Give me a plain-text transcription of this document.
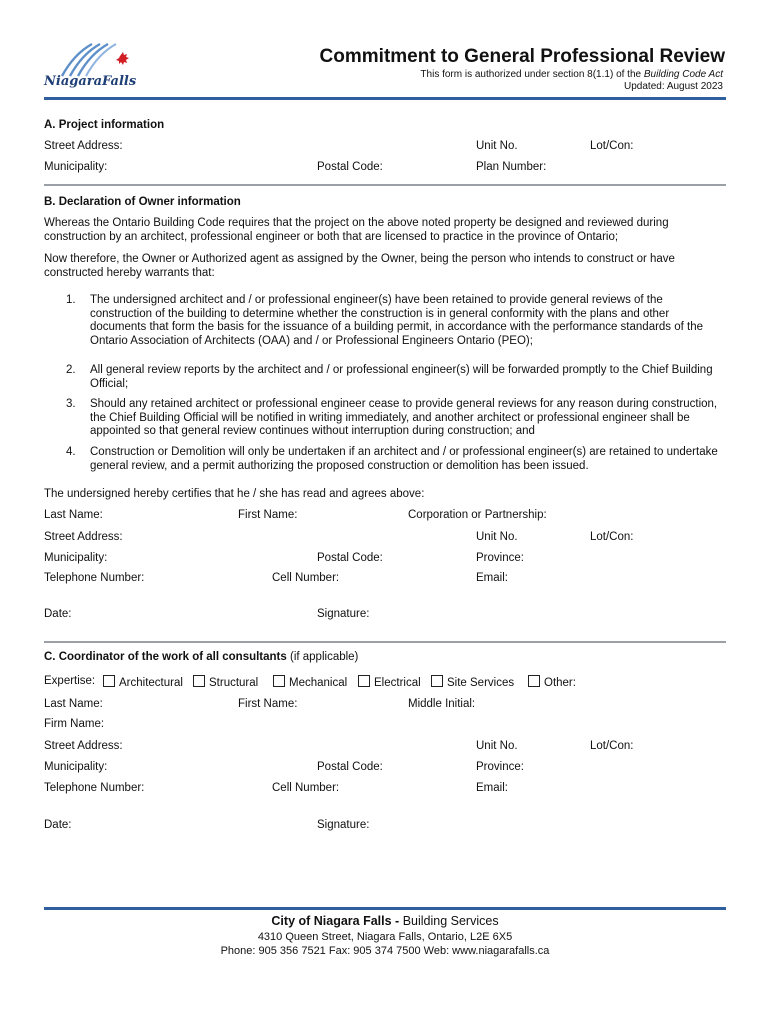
NiagaraFalls
Commitment to General Professional Review
This form is authorized under section 8(1.1) of the Building Code Act
Updated: August 2023
A. Project information
Street Address:	Unit No.	Lot/Con:
Municipality:	Postal Code:	Plan Number:
B. Declaration of Owner information
Whereas the Ontario Building Code requires that the project on the above noted property be designed and reviewed during construction by an architect, professional engineer or both that are licensed to practice in the province of Ontario;
Now therefore, the Owner or Authorized agent as assigned by the Owner, being the person who intends to construct or have constructed hereby warrants that:
1. The undersigned architect and / or professional engineer(s) have been retained to provide general reviews of the construction of the building to determine whether the construction is in general conformity with the plans and other documents that form the basis for the issuance of a building permit, in accordance with the performance standards of the Ontario Association of Architects (OAA) and / or Professional Engineers Ontario (PEO);
2. All general review reports by the architect and / or professional engineer(s) will be forwarded promptly to the Chief Building Official;
3. Should any retained architect or professional engineer cease to provide general reviews for any reason during construction, the Chief Building Official will be notified in writing immediately, and another architect or professional engineer shall be appointed so that general review continues without interruption during construction; and
4. Construction or Demolition will only be undertaken if an architect and / or professional engineer(s) are retained to undertake general review, and a permit authorizing the proposed construction or demolition has been issued.
The undersigned hereby certifies that he / she has read and agrees above:
Last Name:	First Name:	Corporation or Partnership:
Street Address:	Unit No.	Lot/Con:
Municipality:	Postal Code:	Province:
Telephone Number:	Cell Number:	Email:
Date:	Signature:
C. Coordinator of the work of all consultants (if applicable)
Expertise:	Architectural	Structural	Mechanical	Electrical	Site Services	Other:
Last Name:	First Name:	Middle Initial:
Firm Name:
Street Address:	Unit No.	Lot/Con:
Municipality:	Postal Code:	Province:
Telephone Number:	Cell Number:	Email:
Date:	Signature:
City of Niagara Falls - Building Services
4310 Queen Street, Niagara Falls, Ontario, L2E 6X5
Phone: 905 356 7521 Fax: 905 374 7500 Web: www.niagarafalls.ca
